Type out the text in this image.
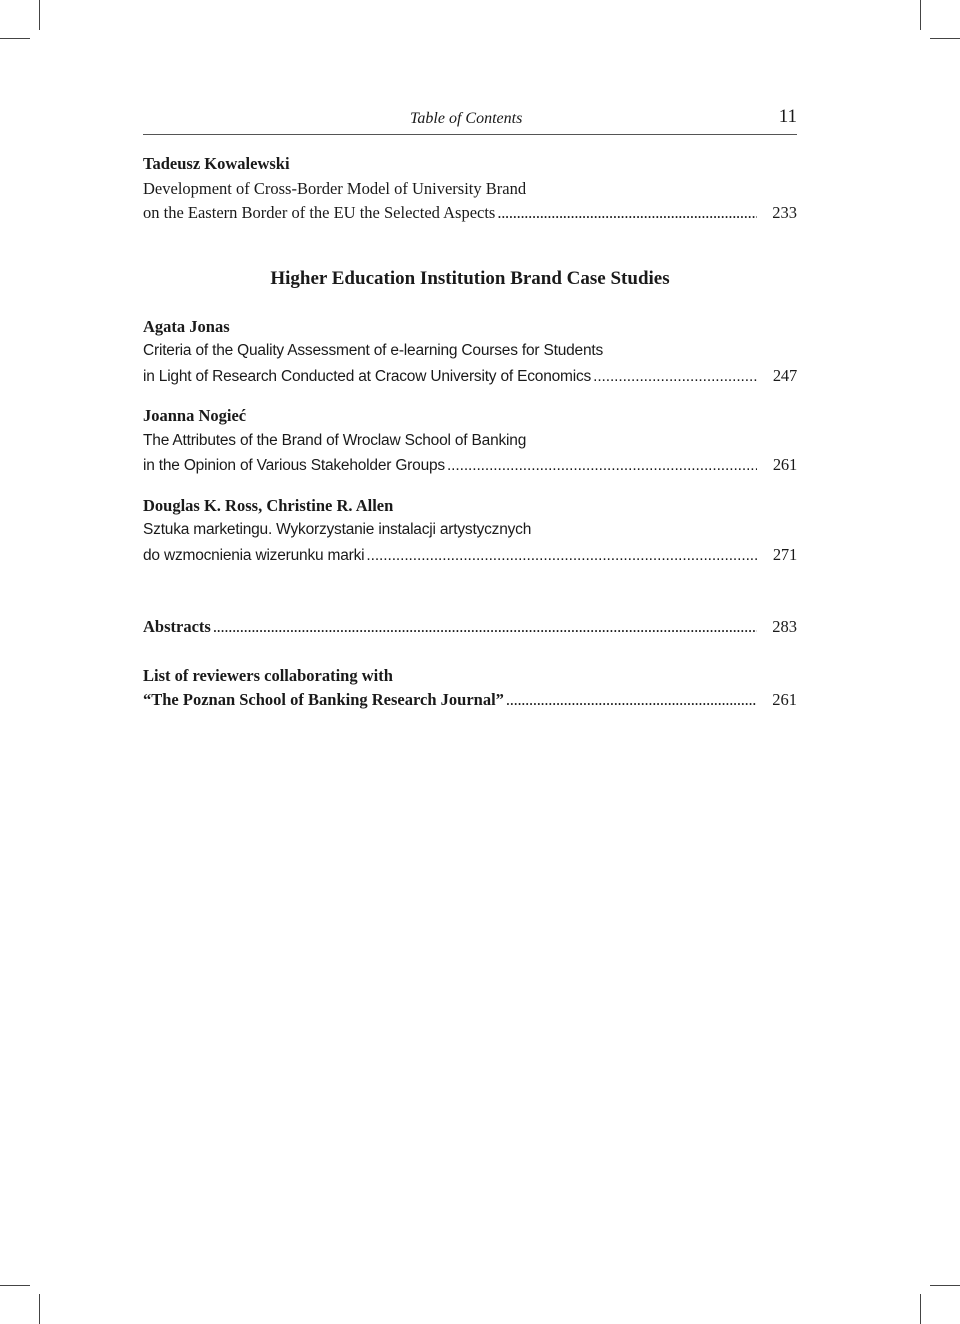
Table of Contents	11
Tadeusz Kowalewski
Development of Cross-Border Model of University Brand
on the Eastern Border of the EU the Selected Aspects . . .	233
Higher Education Institution Brand Case Studies
Agata Jonas
Criteria of the Quality Assessment of e-learning Courses for Students
in Light of Research Conducted at Cracow University of Economics . . .	247
Joanna Nogieć
The Attributes of the Brand of Wroclaw School of Banking
in the Opinion of Various Stakeholder Groups . . .	261
Douglas K. Ross, Christine R. Allen
Sztuka marketingu. Wykorzystanie instalacji artystycznych
do wzmocnienia wizerunku marki . . .	271
Abstracts . . .	283
List of reviewers collaborating with
“The Poznan School of Banking Research Journal” . . .	261
